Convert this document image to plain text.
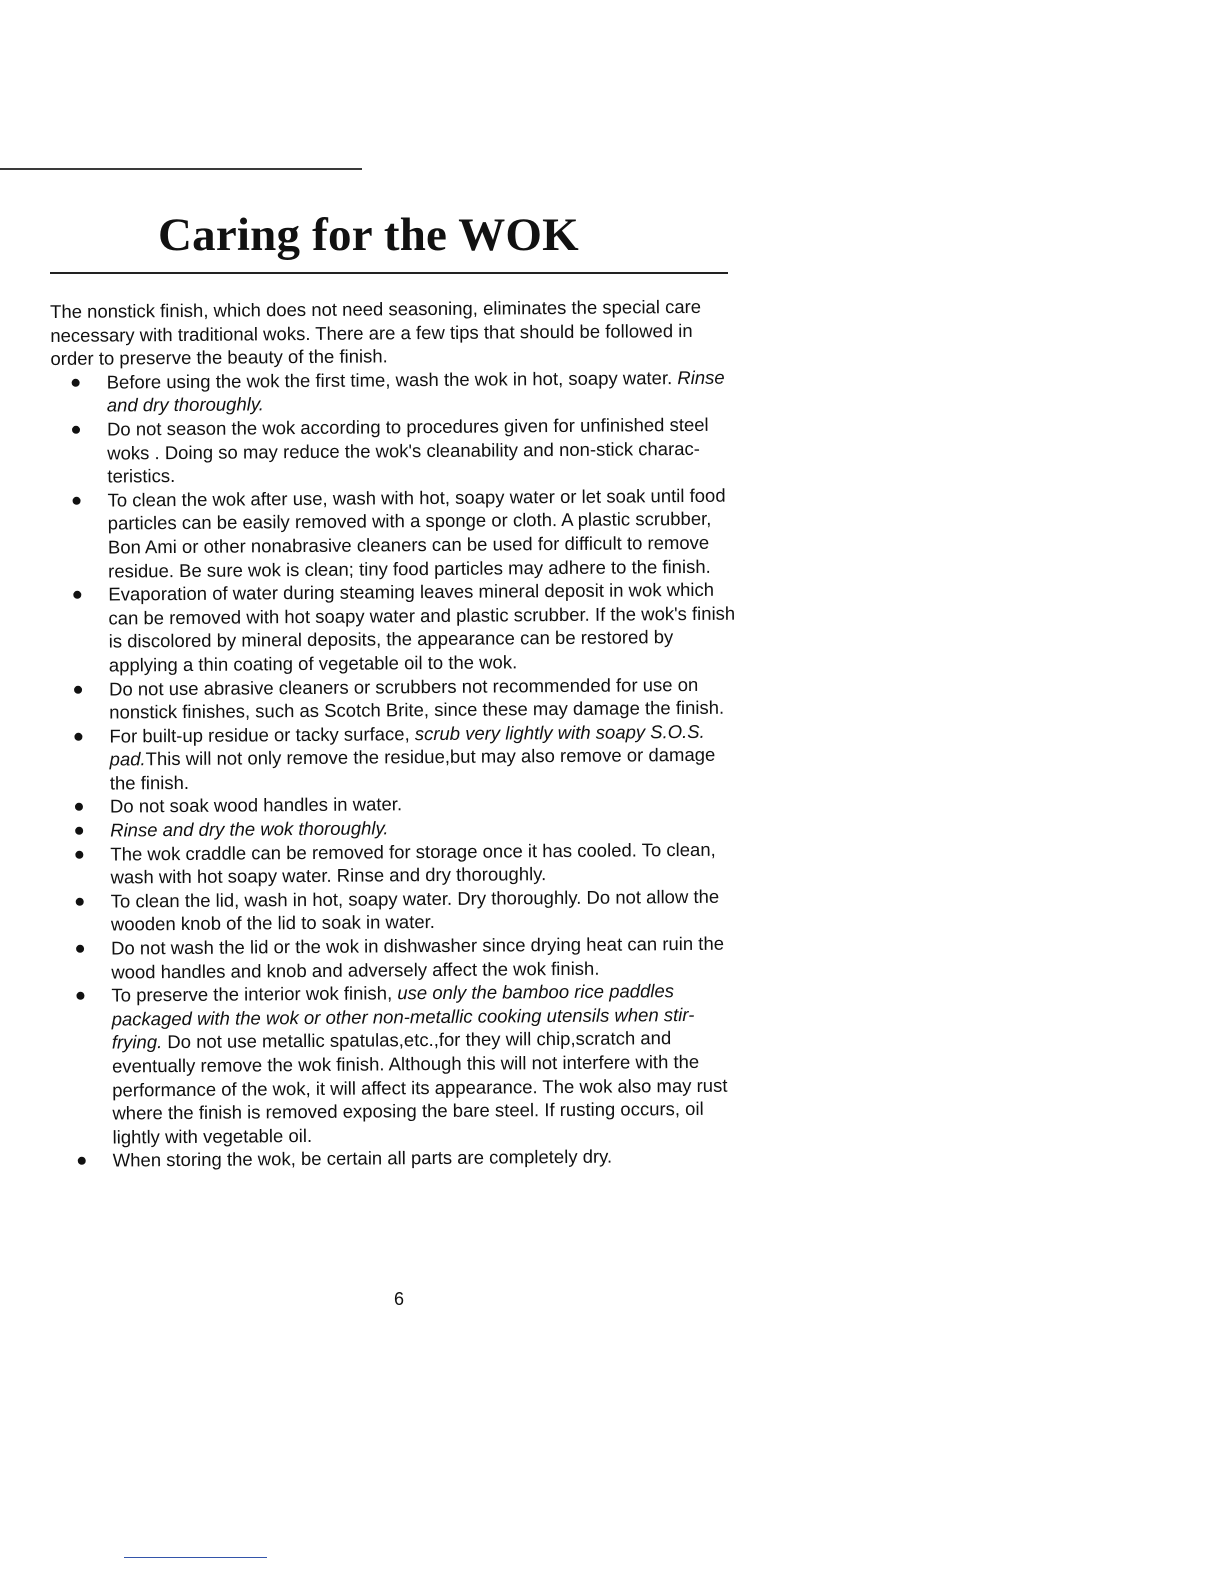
Caring for the WOK

The nonstick finish, which does not need seasoning, eliminates the special care necessary with traditional woks. There are a few tips that should be followed in order to preserve the beauty of the finish.

Before using the wok the first time, wash the wok in hot, soapy water. Rinse and dry thoroughly.
Do not season the wok according to procedures given for unfinished steel woks . Doing so may reduce the wok's cleanability and non-stick charac-teristics.
To clean the wok after use, wash with hot, soapy water or let soak until food particles can be easily removed with a sponge or cloth. A plastic scrubber, Bon Ami or other nonabrasive cleaners can be used for difficult to remove residue. Be sure wok is clean; tiny food particles may adhere to the finish.
Evaporation of water during steaming leaves mineral deposit in wok which can be removed with hot soapy water and plastic scrubber. If the wok's finish is discolored by mineral deposits, the appearance can be restored by applying a thin coating of vegetable oil to the wok.
Do not use abrasive cleaners or scrubbers not recommended for use on nonstick finishes, such as Scotch Brite, since these may damage the finish.
For built-up residue or tacky surface, scrub very lightly with soapy S.O.S. pad.This will not only remove the residue,but may also remove or damage the finish.
Do not soak wood handles in water.
Rinse and dry the wok thoroughly.
The wok craddle can be removed for storage once it has cooled. To clean, wash with hot soapy water. Rinse and dry thoroughly.
To clean the lid, wash in hot, soapy water. Dry thoroughly. Do not allow the wooden knob of the lid to soak in water.
Do not wash the lid or the wok in dishwasher since drying heat can ruin the wood handles and knob and adversely affect the wok finish.
To preserve the interior wok finish, use only the bamboo rice paddles packaged with the wok or other non-metallic cooking utensils when stir-frying. Do not use metallic spatulas,etc.,for they will chip,scratch and eventually remove the wok finish. Although this will not interfere with the performance of the wok, it will affect its appearance. The wok also may rust where the finish is removed exposing the bare steel. If rusting occurs, oil lightly with vegetable oil.
When storing the wok, be certain all parts are completely dry.
6
